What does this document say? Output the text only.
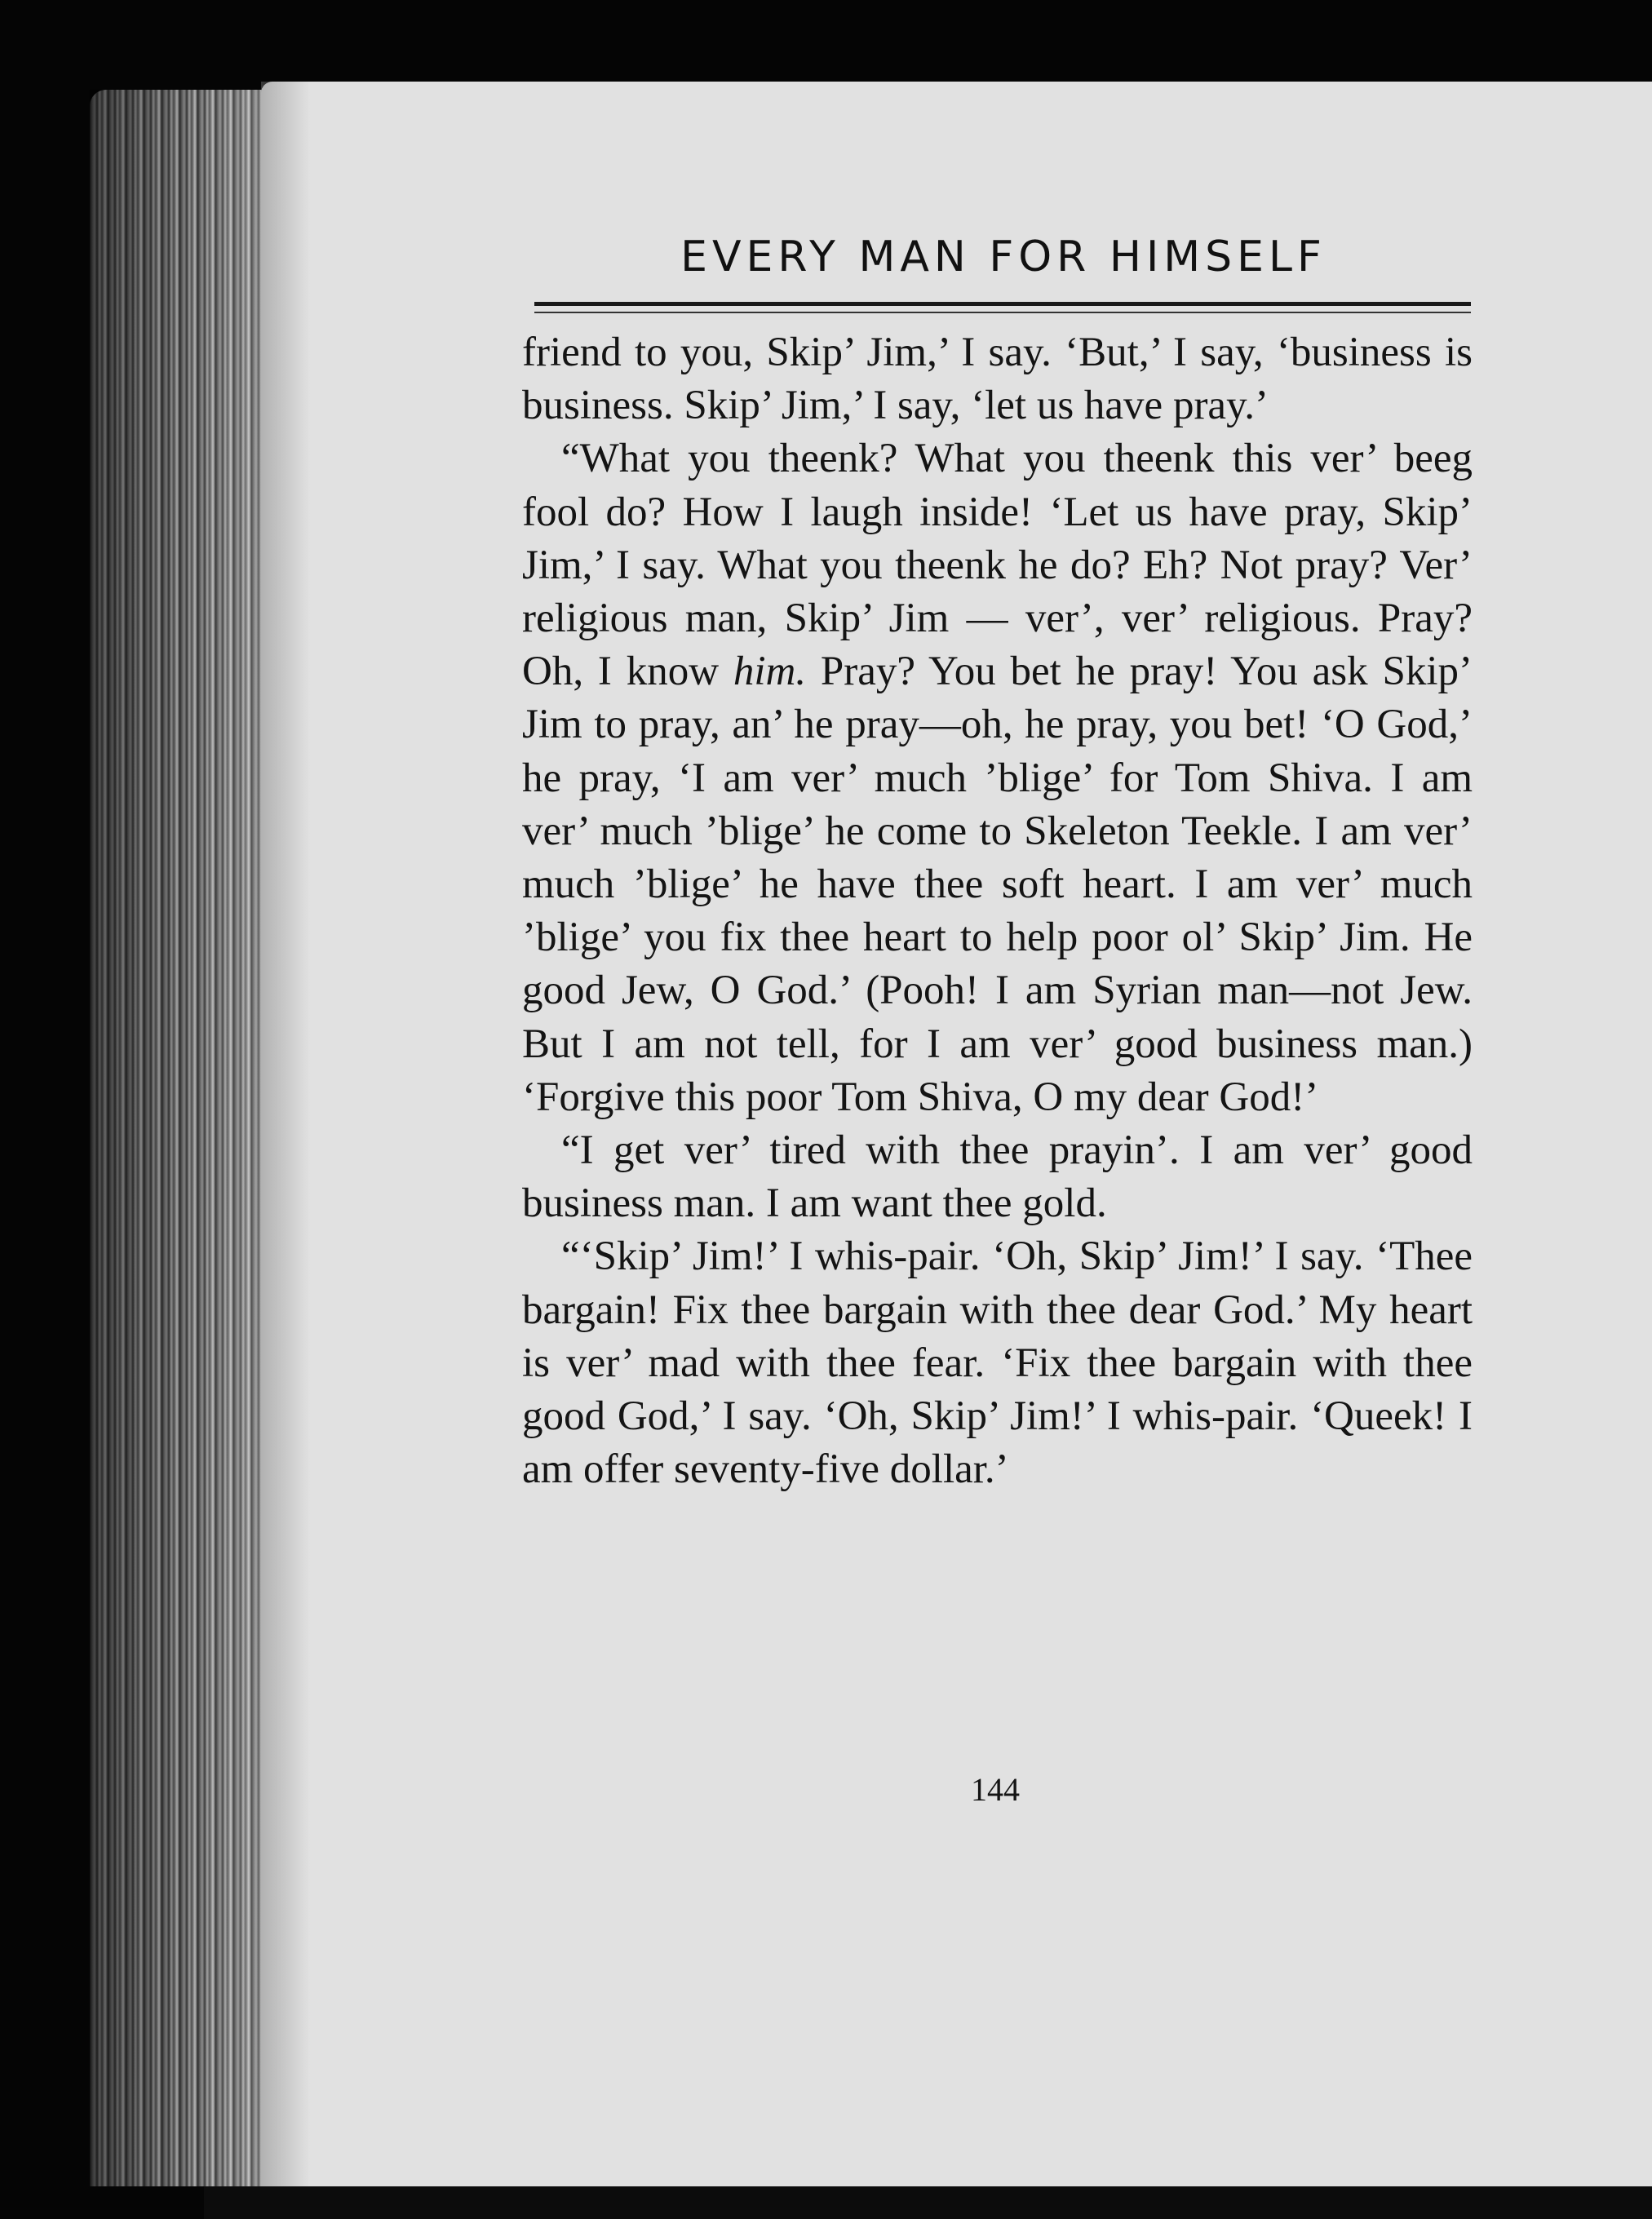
EVERY MAN FOR HIMSELF

friend to you, Skip’ Jim,’ I say. ‘But,’ I say, ‘business is business. Skip’ Jim,’ I say, ‘let us have pray.’

“What you theenk? What you theenk this ver’ beeg fool do? How I laugh inside! ‘Let us have pray, Skip’ Jim,’ I say. What you theenk he do? Eh? Not pray? Ver’ religious man, Skip’ Jim — ver’, ver’ religious. Pray? Oh, I know him. Pray? You bet he pray! You ask Skip’ Jim to pray, an’ he pray—oh, he pray, you bet! ‘O God,’ he pray, ‘I am ver’ much ’blige’ for Tom Shiva. I am ver’ much ’blige’ he come to Skeleton Teekle. I am ver’ much ’blige’ he have thee soft heart. I am ver’ much ’blige’ you fix thee heart to help poor ol’ Skip’ Jim. He good Jew, O God.’ (Pooh! I am Syrian man—not Jew. But I am not tell, for I am ver’ good business man.) ‘Forgive this poor Tom Shiva, O my dear God!’

“I get ver’ tired with thee prayin’. I am ver’ good business man. I am want thee gold.

“‘Skip’ Jim!’ I whis-pair. ‘Oh, Skip’ Jim!’ I say. ‘Thee bargain! Fix thee bargain with thee dear God.’ My heart is ver’ mad with thee fear. ‘Fix thee bargain with thee good God,’ I say. ‘Oh, Skip’ Jim!’ I whis-pair. ‘Queek! I am offer seventy-five dollar.’

144
